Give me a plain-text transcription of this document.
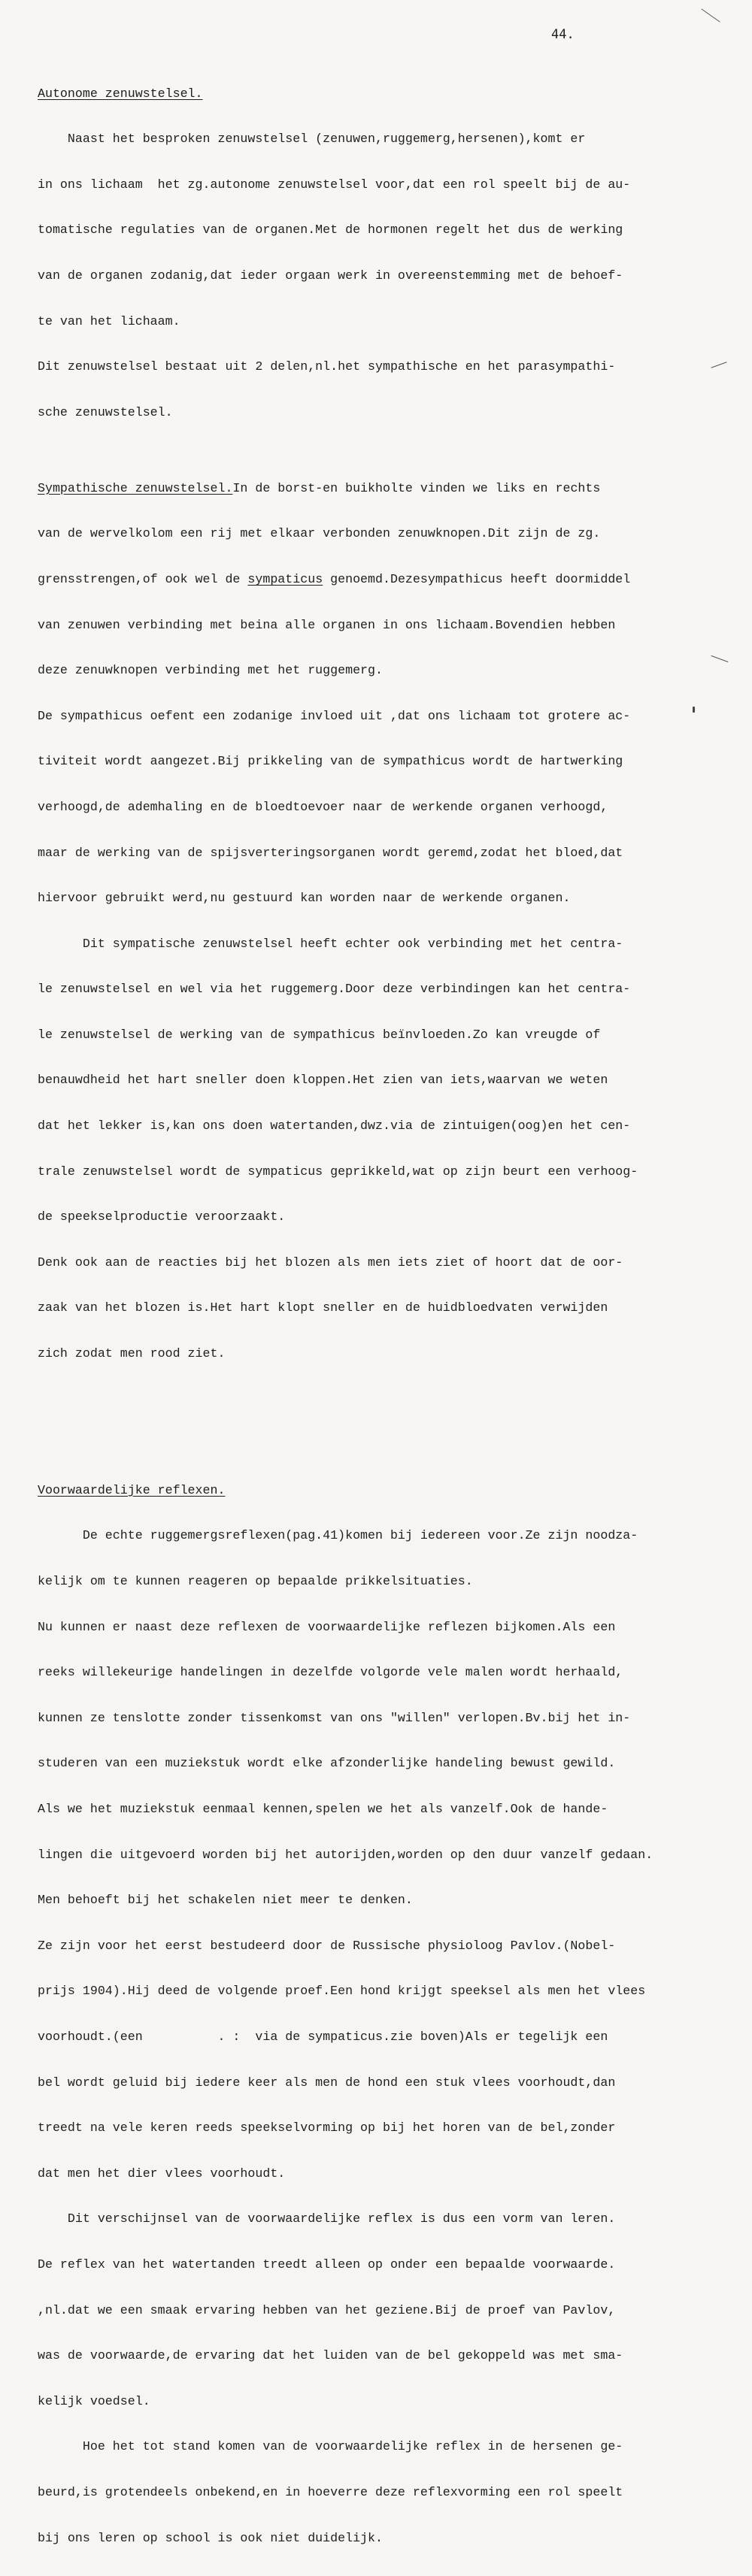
44.

Autonome zenuwstelsel.

Naast het besproken zenuwstelsel (zenuwen,ruggemerg,hersenen),komt er

in ons lichaam  het zg.autonome zenuwstelsel voor,dat een rol speelt bij de au-

tomatische regulaties van de organen.Met de hormonen regelt het dus de werking

van de organen zodanig,dat ieder orgaan werk in overeenstemming met de behoef-

te van het lichaam.

Dit zenuwstelsel bestaat uit 2 delen,nl.het sympathische en het parasympathi-

sche zenuwstelsel.

Sympathische zenuwstelsel.In de borst-en buikholte vinden we liks en rechts

van de wervelkolom een rij met elkaar verbonden zenuwknopen.Dit zijn de zg.

grensstrengen,of ook wel de sympaticus genoemd.Dezesympathicus heeft doormiddel

van zenuwen verbinding met beina alle organen in ons lichaam.Bovendien hebben

deze zenuwknopen verbinding met het ruggemerg.

De sympathicus oefent een zodanige invloed uit ,dat ons lichaam tot grotere ac-

tiviteit wordt aangezet.Bij prikkeling van de sympathicus wordt de hartwerking

verhoogd,de ademhaling en de bloedtoevoer naar de werkende organen verhoogd,

maar de werking van de spijsverteringsorganen wordt geremd,zodat het bloed,dat

hiervoor gebruikt werd,nu gestuurd kan worden naar de werkende organen.

Dit sympatische zenuwstelsel heeft echter ook verbinding met het centra-

le zenuwstelsel en wel via het ruggemerg.Door deze verbindingen kan het centra-

le zenuwstelsel de werking van de sympathicus beïnvloeden.Zo kan vreugde of

benauwdheid het hart sneller doen kloppen.Het zien van iets,waarvan we weten

dat het lekker is,kan ons doen watertanden,dwz.via de zintuigen(oog)en het cen-

trale zenuwstelsel wordt de sympaticus geprikkeld,wat op zijn beurt een verhoog-

de speekselproductie veroorzaakt.

Denk ook aan de reacties bij het blozen als men iets ziet of hoort dat de oor-

zaak van het blozen is.Het hart klopt sneller en de huidbloedvaten verwijden

zich zodat men rood ziet.

Voorwaardelijke reflexen.

De echte ruggemergsreflexen(pag.41)komen bij iedereen voor.Ze zijn noodza-

kelijk om te kunnen reageren op bepaalde prikkelsituaties.

Nu kunnen er naast deze reflexen de voorwaardelijke reflezen bijkomen.Als een

reeks willekeurige handelingen in dezelfde volgorde vele malen wordt herhaald,

kunnen ze tenslotte zonder tissenkomst van ons "willen" verlopen.Bv.bij het in-

studeren van een muziekstuk wordt elke afzonderlijke handeling bewust gewild.

Als we het muziekstuk eenmaal kennen,spelen we het als vanzelf.Ook de hande-

lingen die uitgevoerd worden bij het autorijden,worden op den duur vanzelf gedaan.

Men behoeft bij het schakelen niet meer te denken.

Ze zijn voor het eerst bestudeerd door de Russische physioloog Pavlov.(Nobel-

prijs 1904).Hij deed de volgende proef.Een hond krijgt speeksel als men het vlees

voorhoudt.(een          . :  via de sympaticus.zie boven)Als er tegelijk een

bel wordt geluid bij iedere keer als men de hond een stuk vlees voorhoudt,dan

treedt na vele keren reeds speekselvorming op bij het horen van de bel,zonder

dat men het dier vlees voorhoudt.

Dit verschijnsel van de voorwaardelijke reflex is dus een vorm van leren.

De reflex van het watertanden treedt alleen op onder een bepaalde voorwaarde.

,nl.dat we een smaak ervaring hebben van het geziene.Bij de proef van Pavlov,

was de voorwaarde,de ervaring dat het luiden van de bel gekoppeld was met sma-

kelijk voedsel.

Hoe het tot stand komen van de voorwaardelijke reflex in de hersenen ge-

beurd,is grotendeels onbekend,en in hoeverre deze reflexvorming een rol speelt

bij ons leren op school is ook niet duidelijk.
